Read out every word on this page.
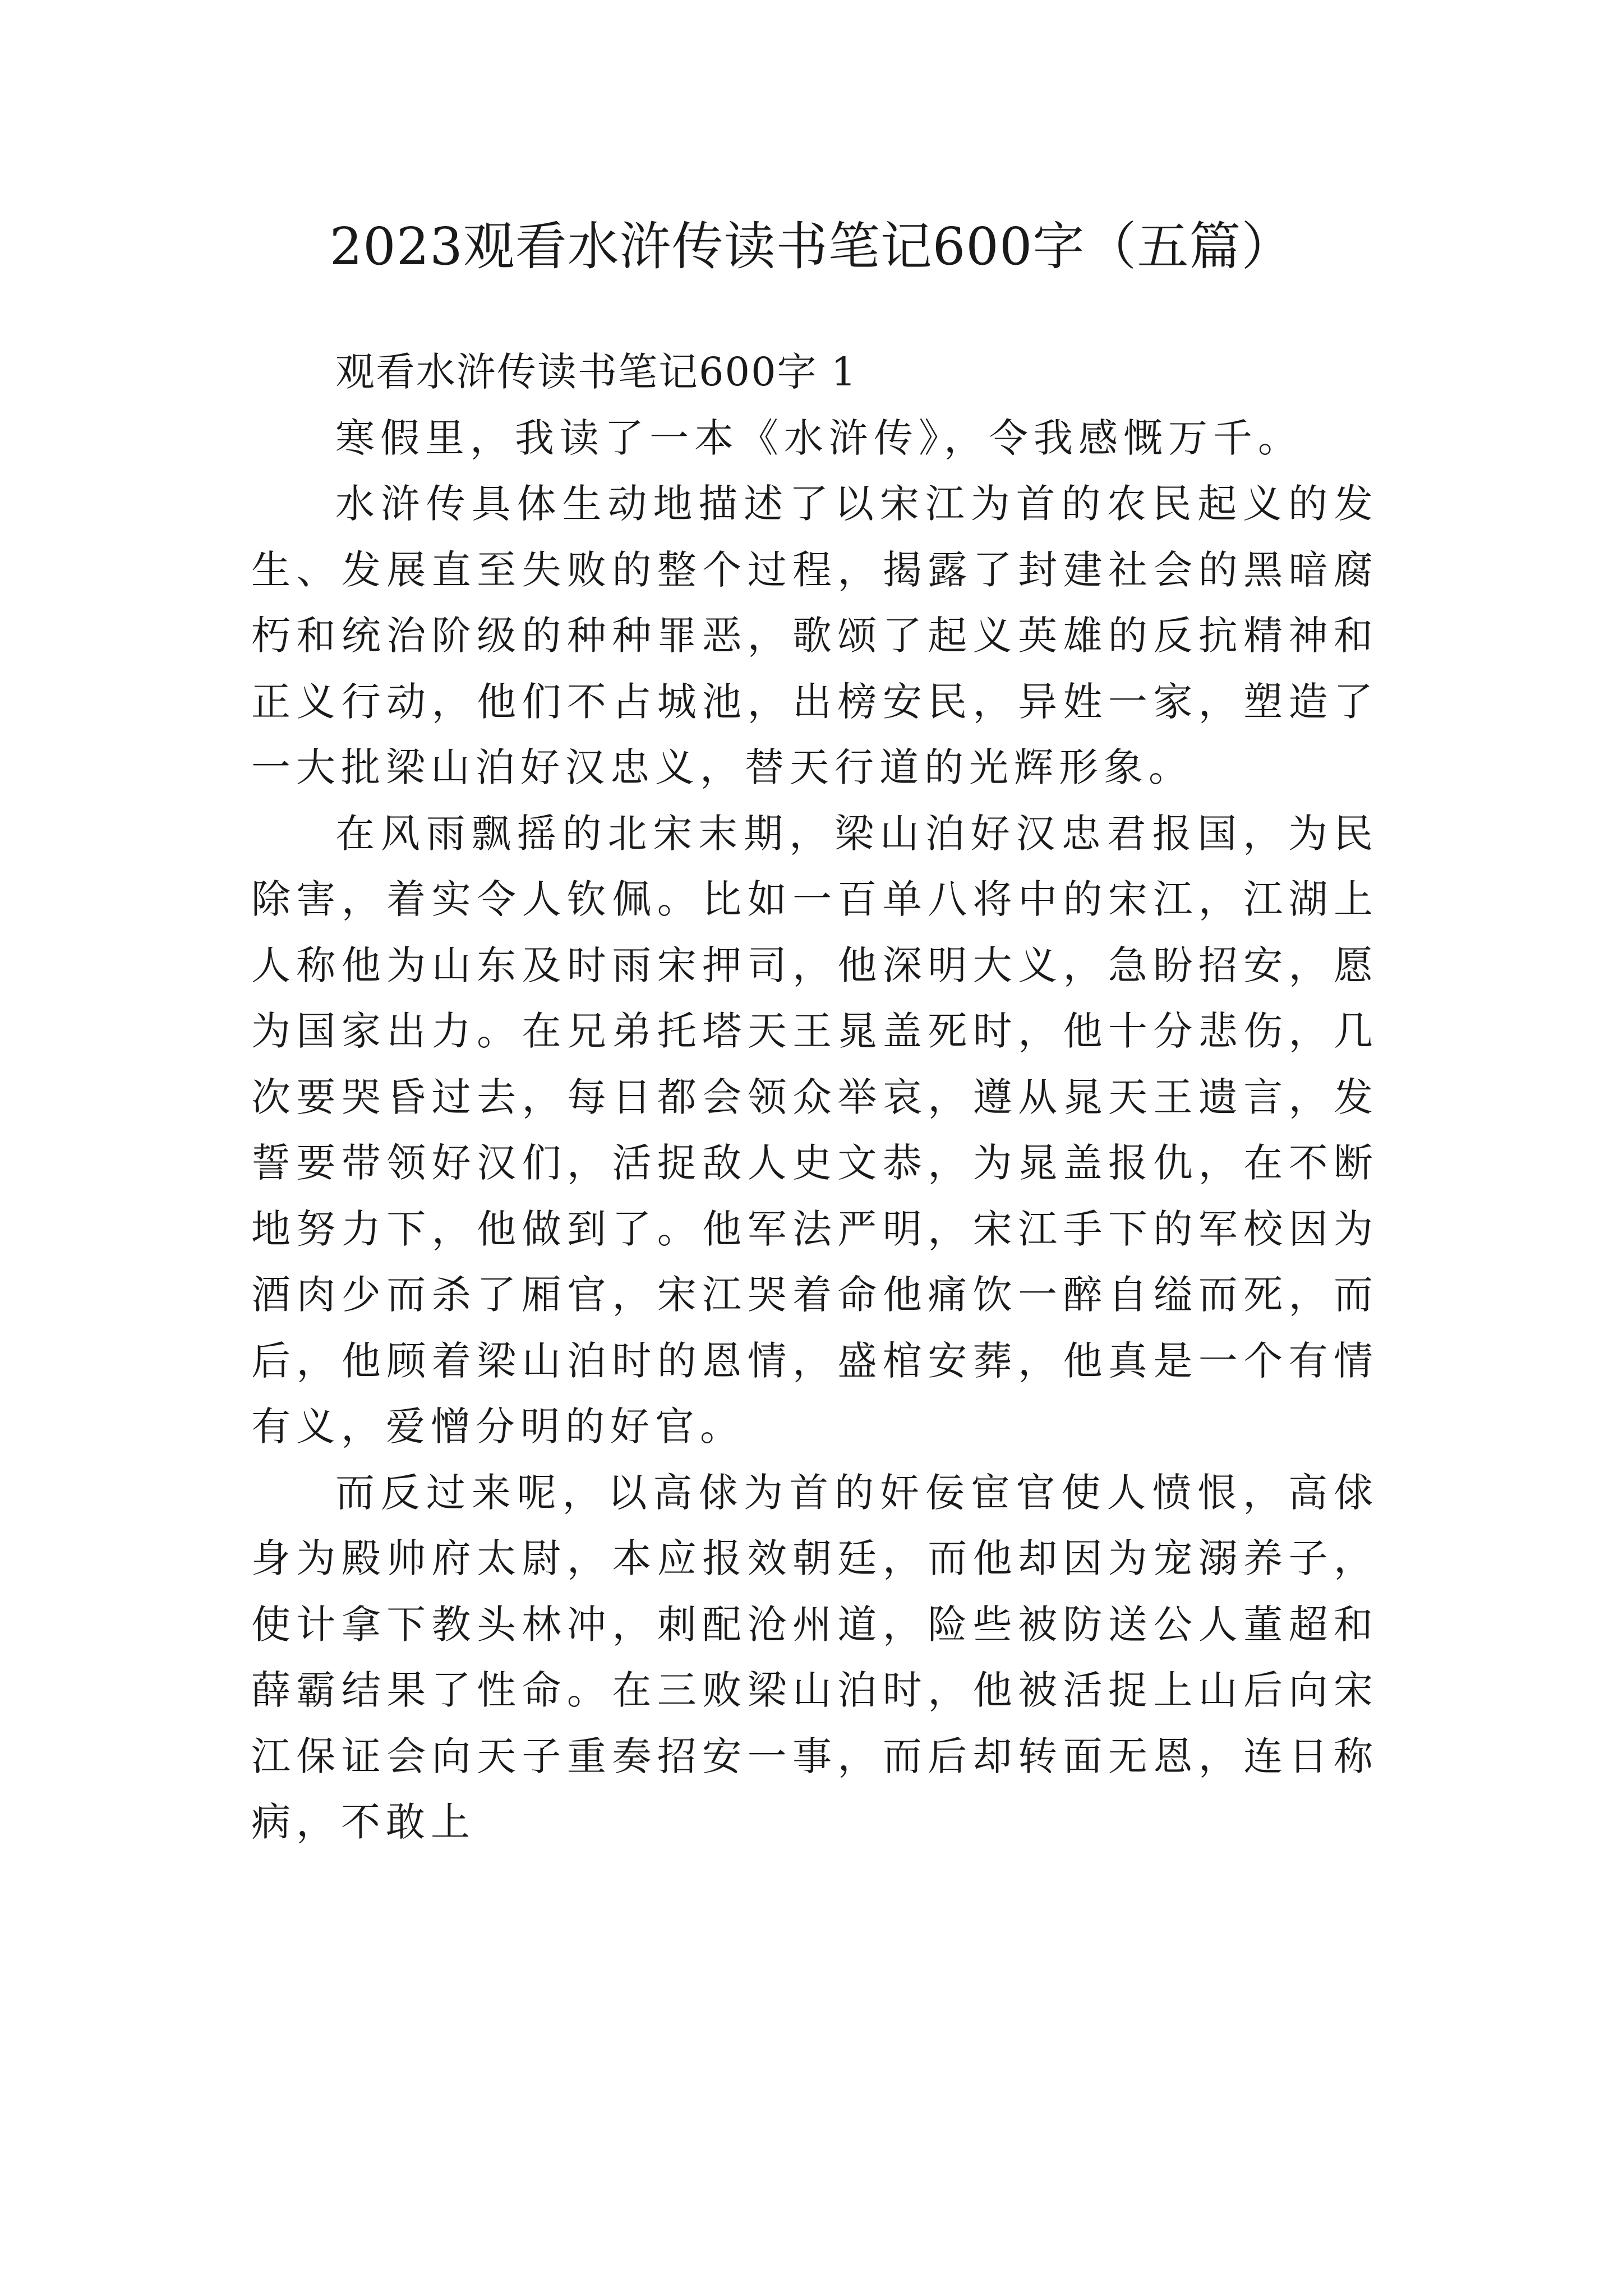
2023观看水浒传读书笔记600字（五篇）

观看水浒传读书笔记600字 1

寒假里，我读了一本《水浒传》，令我感慨万千。

水浒传具体生动地描述了以宋江为首的农民起义的发生、发展直至失败的整个过程，揭露了封建社会的黑暗腐朽和统治阶级的种种罪恶，歌颂了起义英雄的反抗精神和正义行动，他们不占城池，出榜安民，异姓一家，塑造了一大批梁山泊好汉忠义，替天行道的光辉形象。

在风雨飘摇的北宋末期，梁山泊好汉忠君报国，为民除害，着实令人钦佩。比如一百单八将中的宋江，江湖上人称他为山东及时雨宋押司，他深明大义，急盼招安，愿为国家出力。在兄弟托塔天王晁盖死时，他十分悲伤，几次要哭昏过去，每日都会领众举哀，遵从晁天王遗言，发誓要带领好汉们，活捉敌人史文恭，为晁盖报仇，在不断地努力下，他做到了。他军法严明，宋江手下的军校因为酒肉少而杀了厢官，宋江哭着命他痛饮一醉自缢而死，而后，他顾着梁山泊时的恩情，盛棺安葬，他真是一个有情有义，爱憎分明的好官。

而反过来呢，以高俅为首的奸佞宦官使人愤恨，高俅身为殿帅府太尉，本应报效朝廷，而他却因为宠溺养子，使计拿下教头林冲，刺配沧州道，险些被防送公人董超和薛霸结果了性命。在三败梁山泊时，他被活捉上山后向宋江保证会向天子重奏招安一事，而后却转面无恩，连日称病，不敢上
